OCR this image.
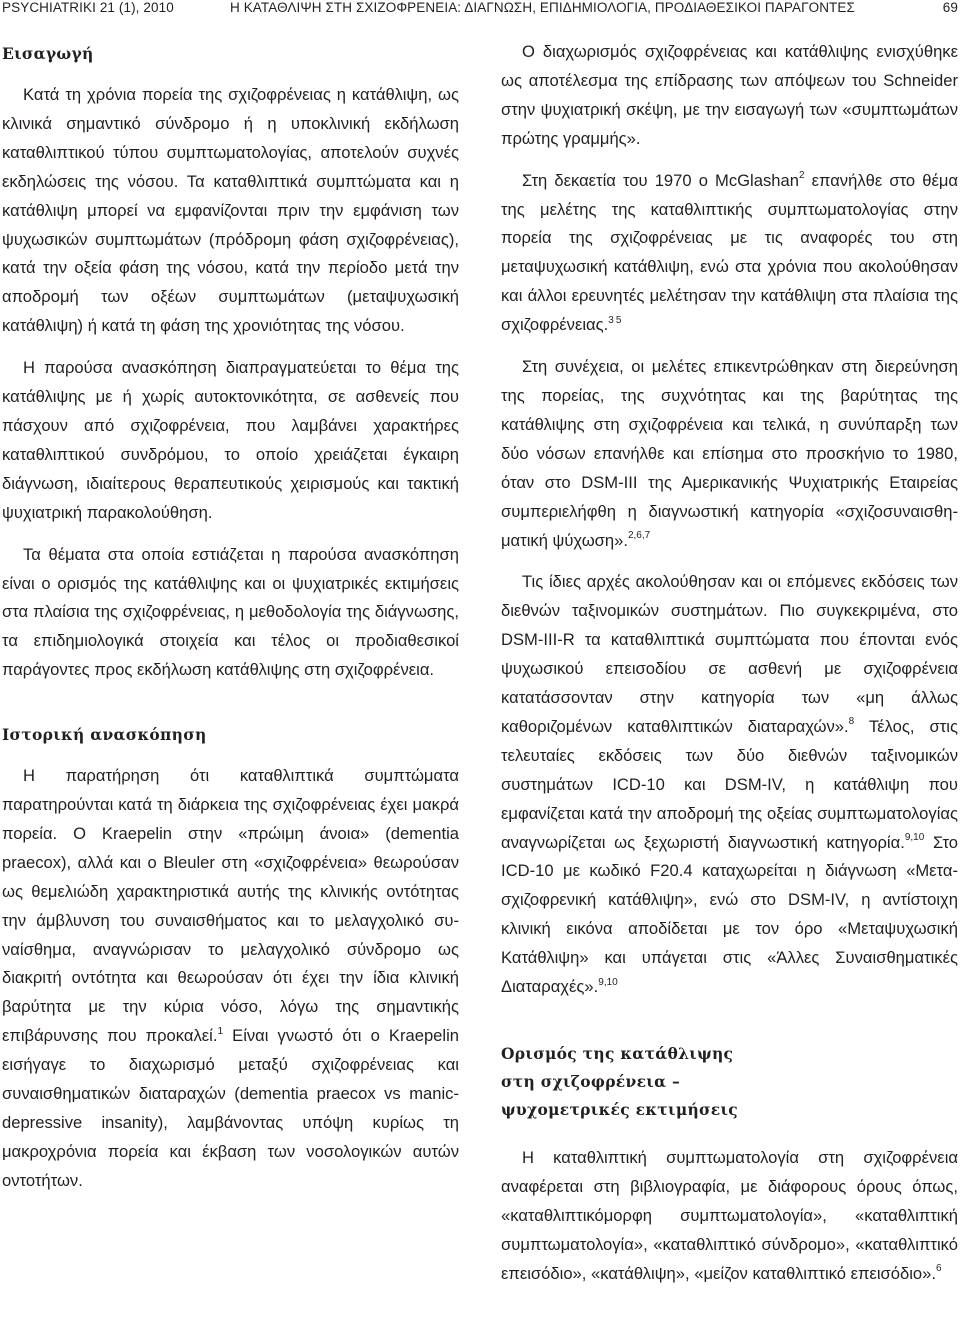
PSYCHIATRIKI 21 (1), 2010	Η ΚΑΤΑΘΛΙΨΗ ΣΤΗ ΣΧΙΖΟΦΡΕΝΕΙΑ: ΔΙΑΓΝΩΣΗ, ΕΠΙΔΗΜΙΟΛΟΓΙΑ, ΠΡΟΔΙΑΘΕΣΙΚΟΙ ΠΑΡΑΓΟΝΤΕΣ	69
Εισαγωγή

Κατά τη χρόνια πορεία της σχιζοφρένειας η κατάθλιψη, ως κλινικά σημαντικό σύνδρομο ή η υποκλινική εκδήλωση καταθλιπτικού τύπου συμπτωματολογίας, αποτελούν συχνές εκδηλώσεις της νόσου. Τα καταθλιπτικά συμπτώματα και η κατάθλιψη μπορεί να εμφανίζονται πριν την εμφάνιση των ψυχωσικών συμπτωμάτων (πρόδρομη φάση σχιζοφρένειας), κατά την οξεία φάση της νόσου, κατά την περίοδο μετά την αποδρομή των οξέων συμπτωμάτων (μεταψυχωσική κατάθλιψη) ή κατά τη φάση της χρονιότητας της νόσου.

Η παρούσα ανασκόπηση διαπραγματεύεται το θέμα της κατάθλιψης με ή χωρίς αυτοκτονικότητα, σε ασθενείς που πάσχουν από σχιζοφρένεια, που λαμβάνει χαρακτήρες καταθλιπτικού συνδρόμου, το οποίο χρειάζεται έγκαιρη διάγνωση, ιδιαίτερους θεραπευτικούς χειρισμούς και τακτική ψυχιατρική παρακολούθηση.

Τα θέματα στα οποία εστιάζεται η παρούσα ανασκόπηση είναι ο ορισμός της κατάθλιψης και οι ψυχιατρικές εκτιμήσεις στα πλαίσια της σχιζοφρένειας, η μεθοδολογία της διάγνωσης, τα επιδημιολογικά στοιχεία και τέλος οι προδιαθεσικοί παράγοντες προς εκδήλωση κατάθλιψης στη σχιζοφρένεια.

Ιστορική ανασκόπηση

Η παρατήρηση ότι καταθλιπτικά συμπτώματα παρατηρούνται κατά τη διάρκεια της σχιζοφρένειας έχει μακρά πορεία. Ο Kraepelin στην «πρώιμη άνοια» (dementia praecox), αλλά και ο Bleuler στη «σχιζοφρένεια» θεωρούσαν ως θεμελιώδη χαρακτηριστικά αυτής της κλινικής οντότητας την άμβλυνση του συναισθήματος και το μελαγχολικό συναίσθημα, αναγνώρισαν το μελαγχολικό σύνδρομο ως διακριτή οντότητα και θεωρούσαν ότι έχει την ίδια κλινική βαρύτητα με την κύρια νόσο, λόγω της σημαντικής επιβάρυνσης που προκαλεί.$^1$ Είναι γνωστό ότι ο Kraepelin εισήγαγε το διαχωρισμό μεταξύ σχιζοφρένειας και συναισθηματικών διαταραχών (dementia praecox vs manic-depressive insanity), λαμβάνοντας υπόψη κυρίως τη μακροχρόνια πορεία και έκβαση των νοσολογικών αυτών οντοτήτων.

Ο διαχωρισμός σχιζοφρένειας και κατάθλιψης ενισχύθηκε ως αποτέλεσμα της επίδρασης των απόψεων του Schneider στην ψυχιατρική σκέψη, με την εισαγωγή των «συμπτωμάτων πρώτης γραμμής».

Στη δεκαετία του 1970 ο McGlashan$^2$ επανήλθε στο θέμα της μελέτης της καταθλιπτικής συμπτωματολογίας στην πορεία της σχιζοφρένειας με τις αναφορές του στη μεταψυχωσική κατάθλιψη, ενώ στα χρόνια που ακολούθησαν και άλλοι ερευνητές μελέτησαν την κατάθλιψη στα πλαίσια της σχιζοφρένειας.$^{3 5}$

Στη συνέχεια, οι μελέτες επικεντρώθηκαν στη διερεύνηση της πορείας, της συχνότητας και της βαρύτητας της κατάθλιψης στη σχιζοφρένεια και τελικά, η συνύπαρξη των δύο νόσων επανήλθε και επίσημα στο προσκήνιο το 1980, όταν στο DSM-III της Αμερικανικής Ψυχιατρικής Εταιρείας συμπεριελήφθη η διαγνωστική κατηγορία «σχιζοσυναισθηματική ψύχωση».$^{2,6,7}$

Τις ίδιες αρχές ακολούθησαν και οι επόμενες εκδόσεις των διεθνών ταξινομικών συστημάτων. Πιο συγκεκριμένα, στο DSM-III-R τα καταθλιπτικά συμπτώματα που έπονται ενός ψυχωσικού επεισοδίου σε ασθενή με σχιζοφρένεια κατατάσσονταν στην κατηγορία των «μη άλλως καθοριζομένων καταθλιπτικών διαταραχών».$^8$ Τέλος, στις τελευταίες εκδόσεις των δύο διεθνών ταξινομικών συστημάτων ICD-10 και DSM-IV, η κατάθλιψη που εμφανίζεται κατά την αποδρομή της οξείας συμπτωματολογίας αναγνωρίζεται ως ξεχωριστή διαγνωστική κατηγορία.$^{9,10}$ Στο ICD-10 με κωδικό F20.4 καταχωρείται η διάγνωση «Μετα-σχιζοφρενική κατάθλιψη», ενώ στο DSM-IV, η αντίστοιχη κλινική εικόνα αποδίδεται με τον όρο «Μεταψυχωσική Κατάθλιψη» και υπάγεται στις «Άλλες Συναισθηματικές Διαταραχές».$^{9,10}$

Ορισμός της κατάθλιψης
στη σχιζοφρένεια –
ψυχομετρικές εκτιμήσεις

Η καταθλιπτική συμπτωματολογία στη σχιζοφρένεια αναφέρεται στη βιβλιογραφία, με διάφορους όρους όπως, «καταθλιπτικόμορφη συμπτωματολογία», «καταθλιπτική συμπτωματολογία», «καταθλιπτικό σύνδρομο», «καταθλιπτικό επεισόδιο», «κατάθλιψη», «μείζον καταθλιπτικό επεισόδιο».$^6$
